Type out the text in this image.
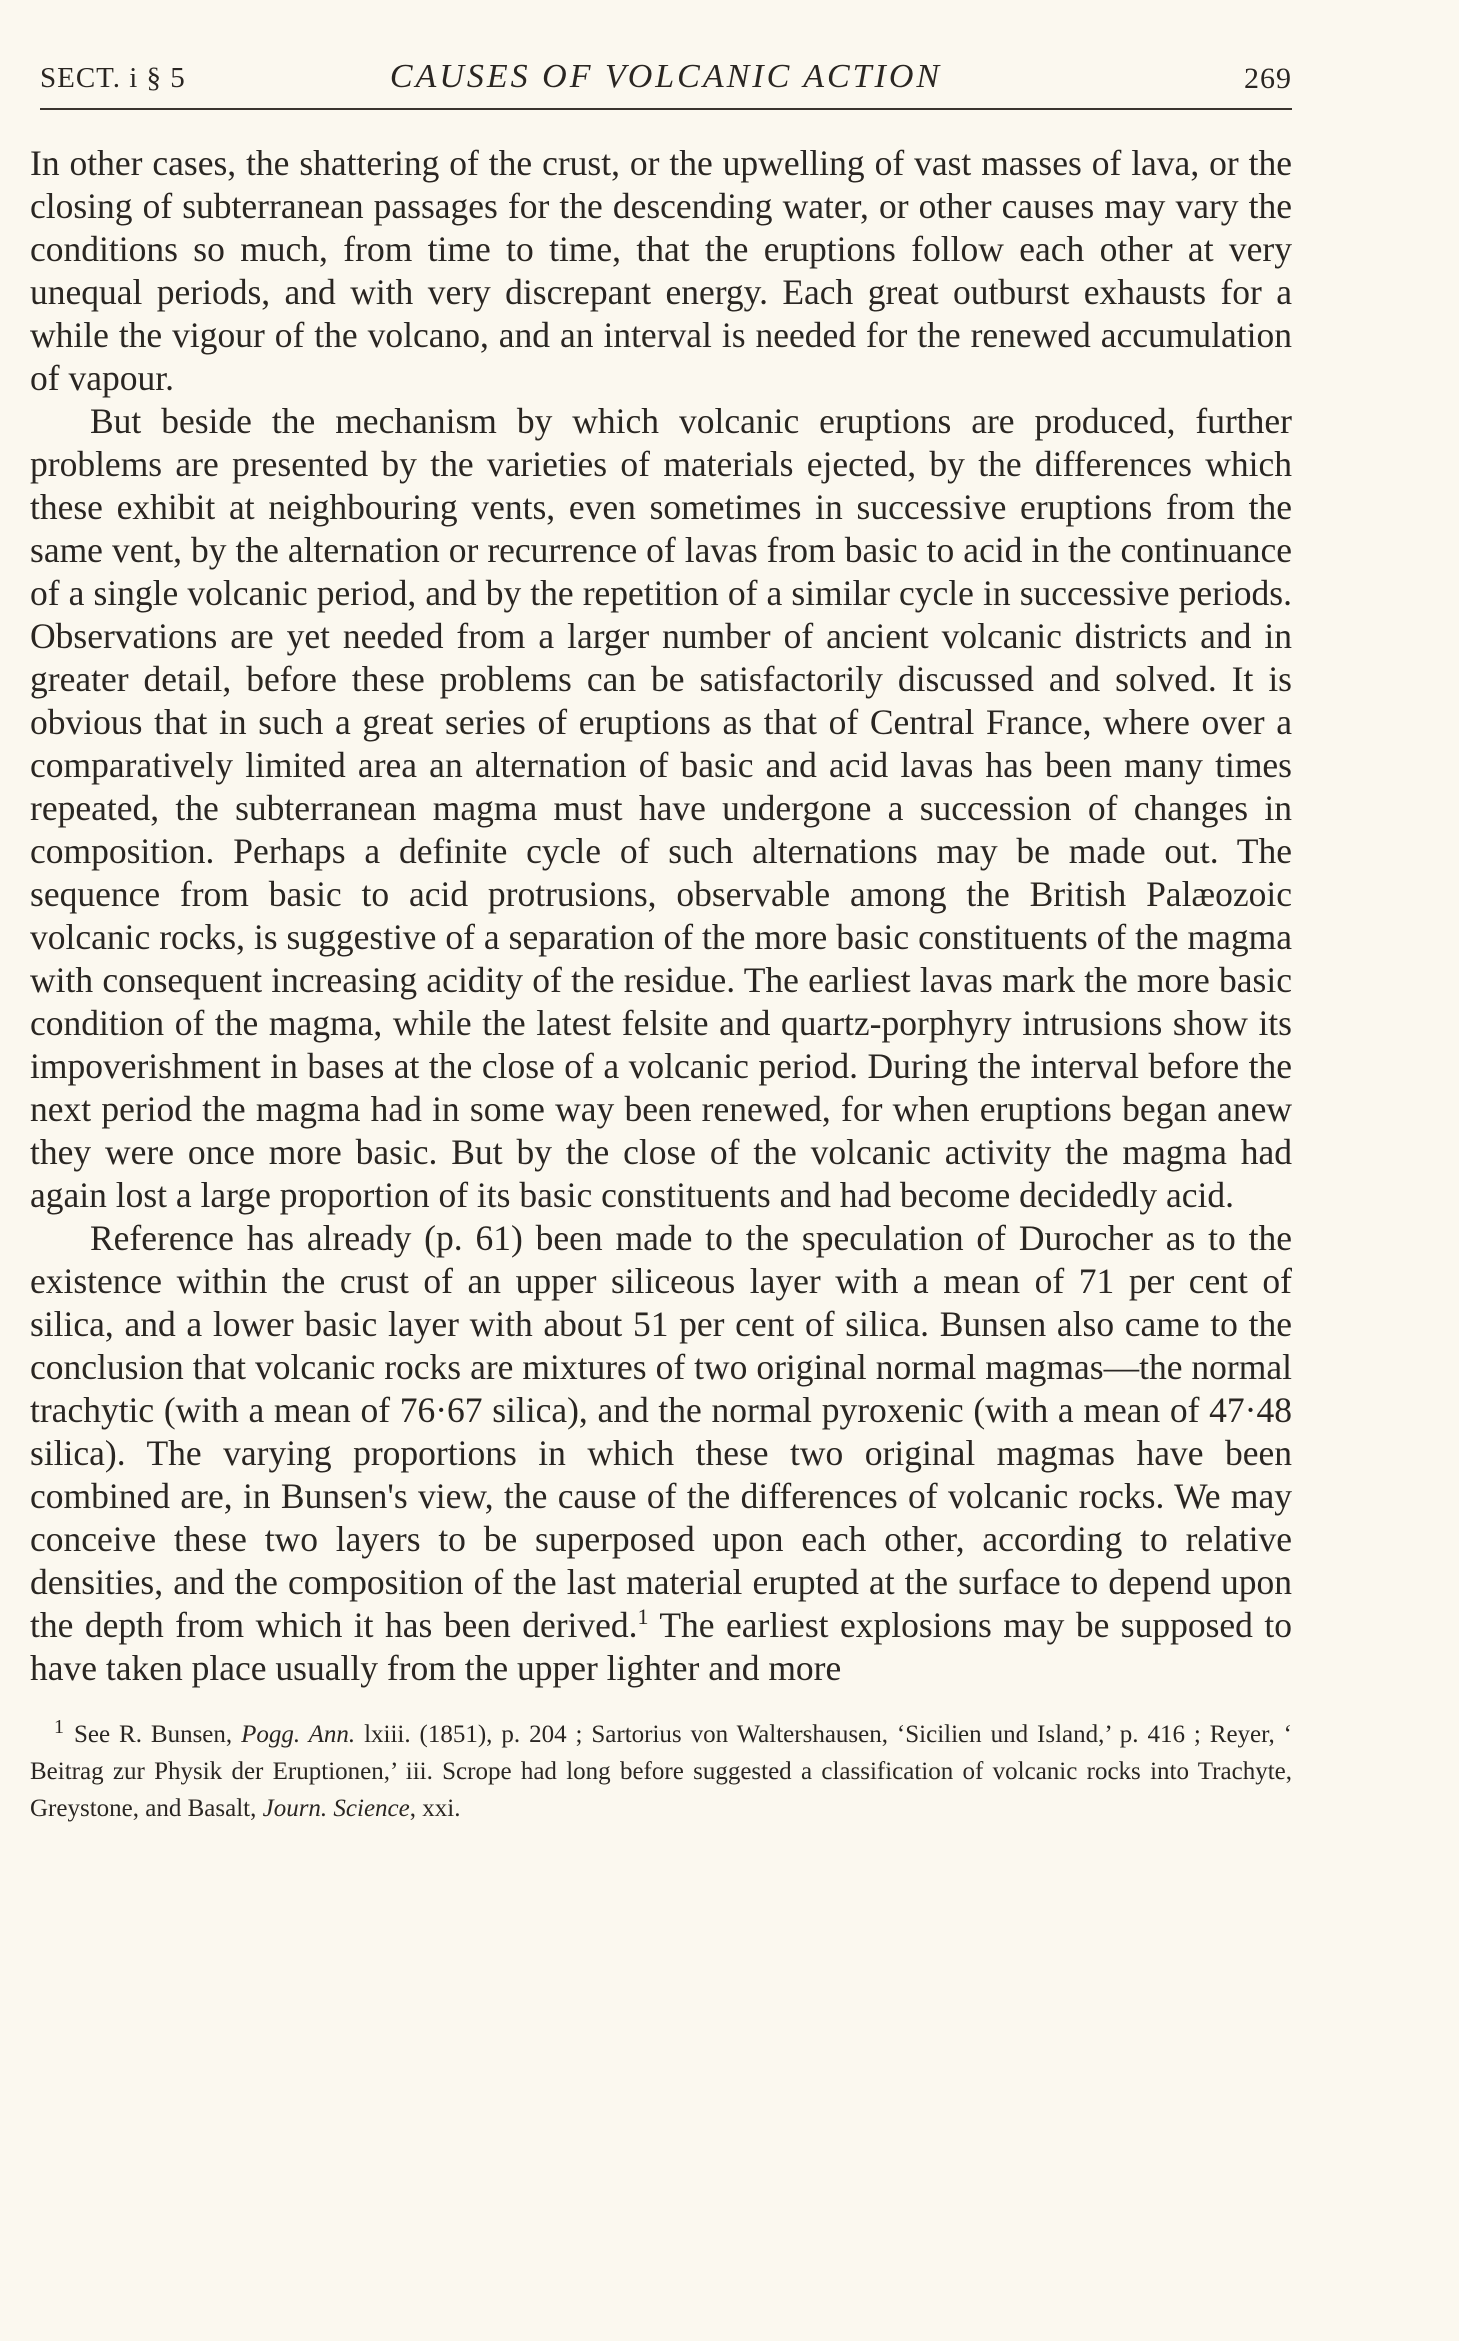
SECT. i § 5	CAUSES OF VOLCANIC ACTION	269

In other cases, the shattering of the crust, or the upwelling of vast masses of lava, or the closing of subterranean passages for the descending water, or other causes may vary the conditions so much, from time to time, that the eruptions follow each other at very unequal periods, and with very discrepant energy. Each great outburst exhausts for a while the vigour of the volcano, and an interval is needed for the renewed accumulation of vapour.

But beside the mechanism by which volcanic eruptions are produced, further problems are presented by the varieties of materials ejected, by the differences which these exhibit at neighbouring vents, even sometimes in successive eruptions from the same vent, by the alternation or recurrence of lavas from basic to acid in the continuance of a single volcanic period, and by the repetition of a similar cycle in successive periods. Observations are yet needed from a larger number of ancient volcanic districts and in greater detail, before these problems can be satisfactorily discussed and solved. It is obvious that in such a great series of eruptions as that of Central France, where over a comparatively limited area an alternation of basic and acid lavas has been many times repeated, the subterranean magma must have undergone a succession of changes in composition. Perhaps a definite cycle of such alternations may be made out. The sequence from basic to acid protrusions, observable among the British Palæozoic volcanic rocks, is suggestive of a separation of the more basic constituents of the magma with consequent increasing acidity of the residue. The earliest lavas mark the more basic condition of the magma, while the latest felsite and quartz-porphyry intrusions show its impoverishment in bases at the close of a volcanic period. During the interval before the next period the magma had in some way been renewed, for when eruptions began anew they were once more basic. But by the close of the volcanic activity the magma had again lost a large proportion of its basic constituents and had become decidedly acid.

Reference has already (p. 61) been made to the speculation of Durocher as to the existence within the crust of an upper siliceous layer with a mean of 71 per cent of silica, and a lower basic layer with about 51 per cent of silica. Bunsen also came to the conclusion that volcanic rocks are mixtures of two original normal magmas—the normal trachytic (with a mean of 76·67 silica), and the normal pyroxenic (with a mean of 47·48 silica). The varying proportions in which these two original magmas have been combined are, in Bunsen's view, the cause of the differences of volcanic rocks. We may conceive these two layers to be superposed upon each other, according to relative densities, and the composition of the last material erupted at the surface to depend upon the depth from which it has been derived.$^1$ The earliest explosions may be supposed to have taken place usually from the upper lighter and more

$^1$ See R. Bunsen, Pogg. Ann. lxiii. (1851), p. 204 ; Sartorius von Waltershausen, ‘Sicilien und Island,’ p. 416 ; Reyer, ‘ Beitrag zur Physik der Eruptionen,’ iii. Scrope had long before suggested a classification of volcanic rocks into Trachyte, Greystone, and Basalt, Journ. Science, xxi.
